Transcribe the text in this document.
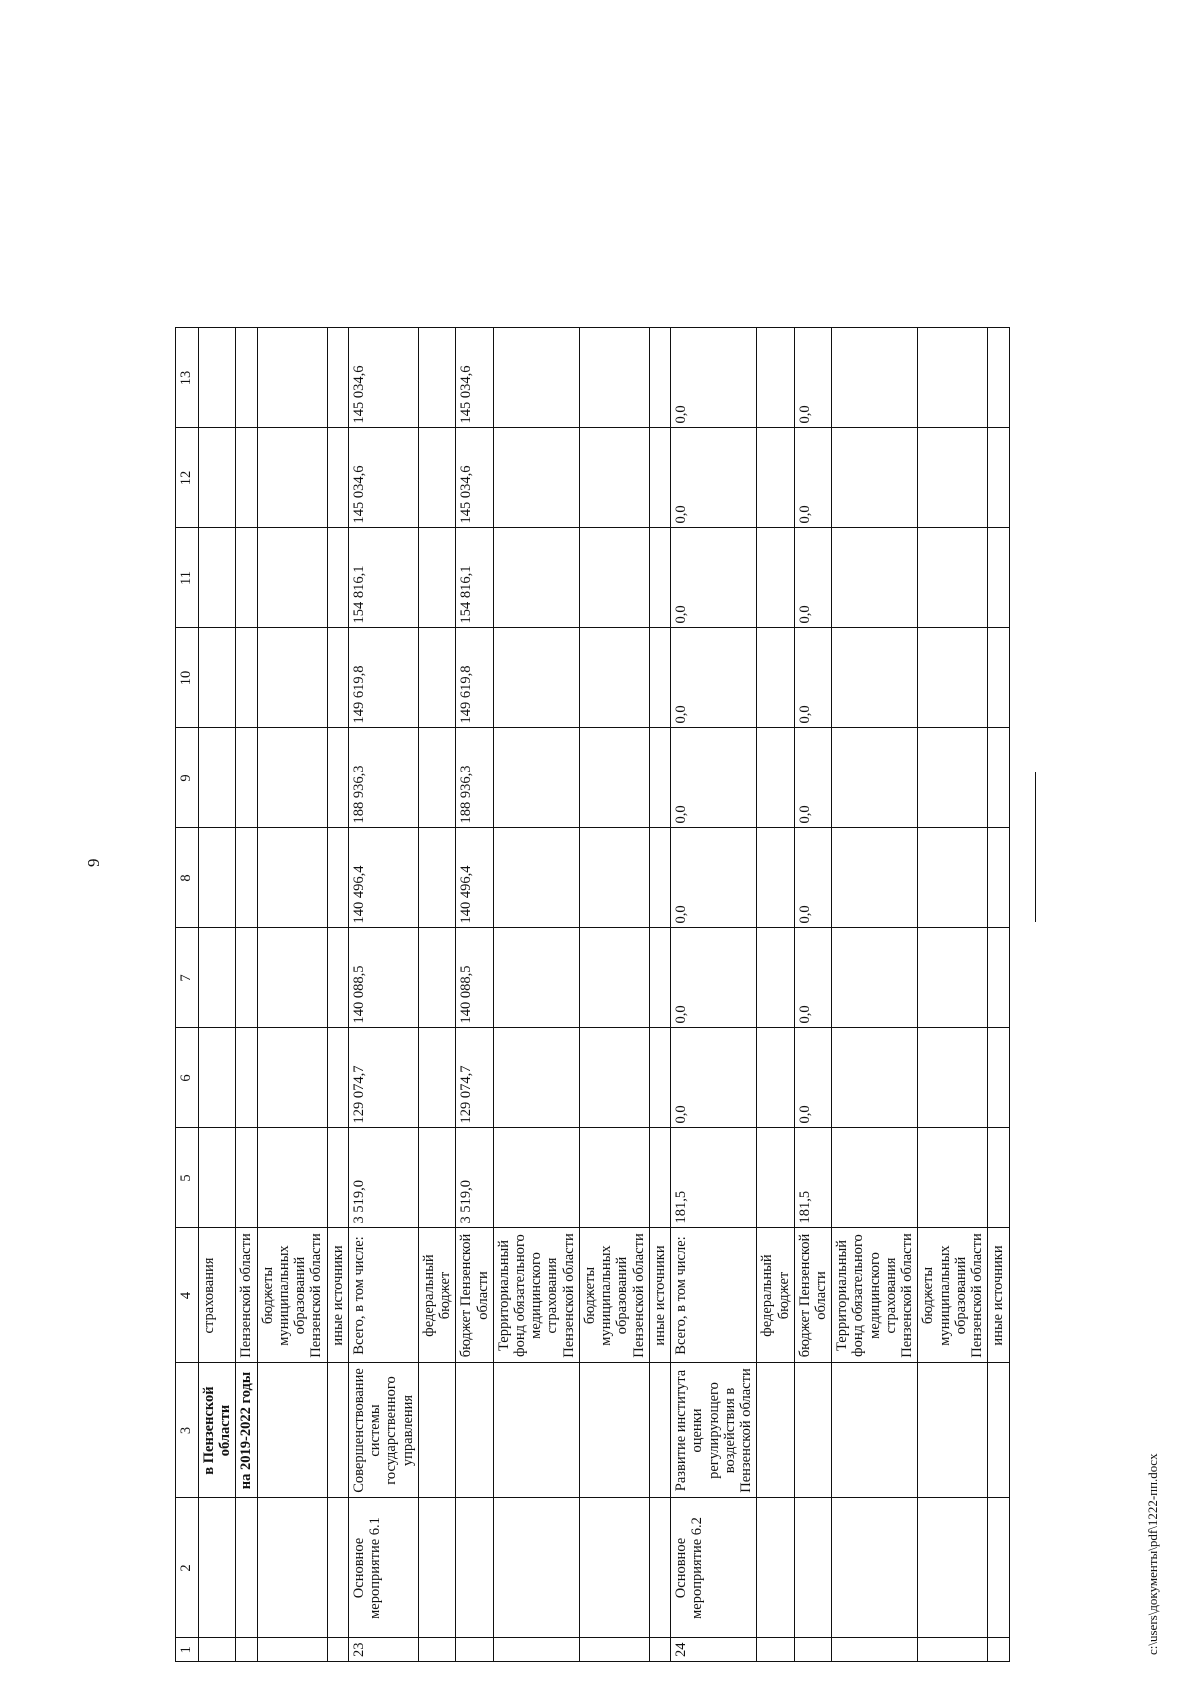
9
1	2	3	4	5	6	7	8	9	10	11	12	13
		в Пензенской области	страхования									
		на 2019-2022 годы	Пензенской области									
			бюджеты муниципальных образований Пензенской области									
			иные источники									
23	Основное мероприятие 6.1	Совершенствование системы государственного управления	Всего, в том числе:	3 519,0	129 074,7	140 088,5	140 496,4	188 936,3	149 619,8	154 816,1	145 034,6	145 034,6
			федеральный бюджет									
			бюджет Пензенской области	3 519,0	129 074,7	140 088,5	140 496,4	188 936,3	149 619,8	154 816,1	145 034,6	145 034,6
			Территориальный фонд обязательного медицинского страхования Пензенской области									
			бюджеты муниципальных образований Пензенской области									
			иные источники									
24	Основное мероприятие 6.2	Развитие института оценки регулирующего воздействия в Пензенской области	Всего, в том числе:	181,5	0,0	0,0	0,0	0,0	0,0	0,0	0,0	0,0
			федеральный бюджет									
			бюджет Пензенской области	181,5	0,0	0,0	0,0	0,0	0,0	0,0	0,0	0,0
			Территориальный фонд обязательного медицинского страхования Пензенской области									
			бюджеты муниципальных образований Пензенской области									
			иные источники									
c:\users\документы\pdf\1222-пп.docx
